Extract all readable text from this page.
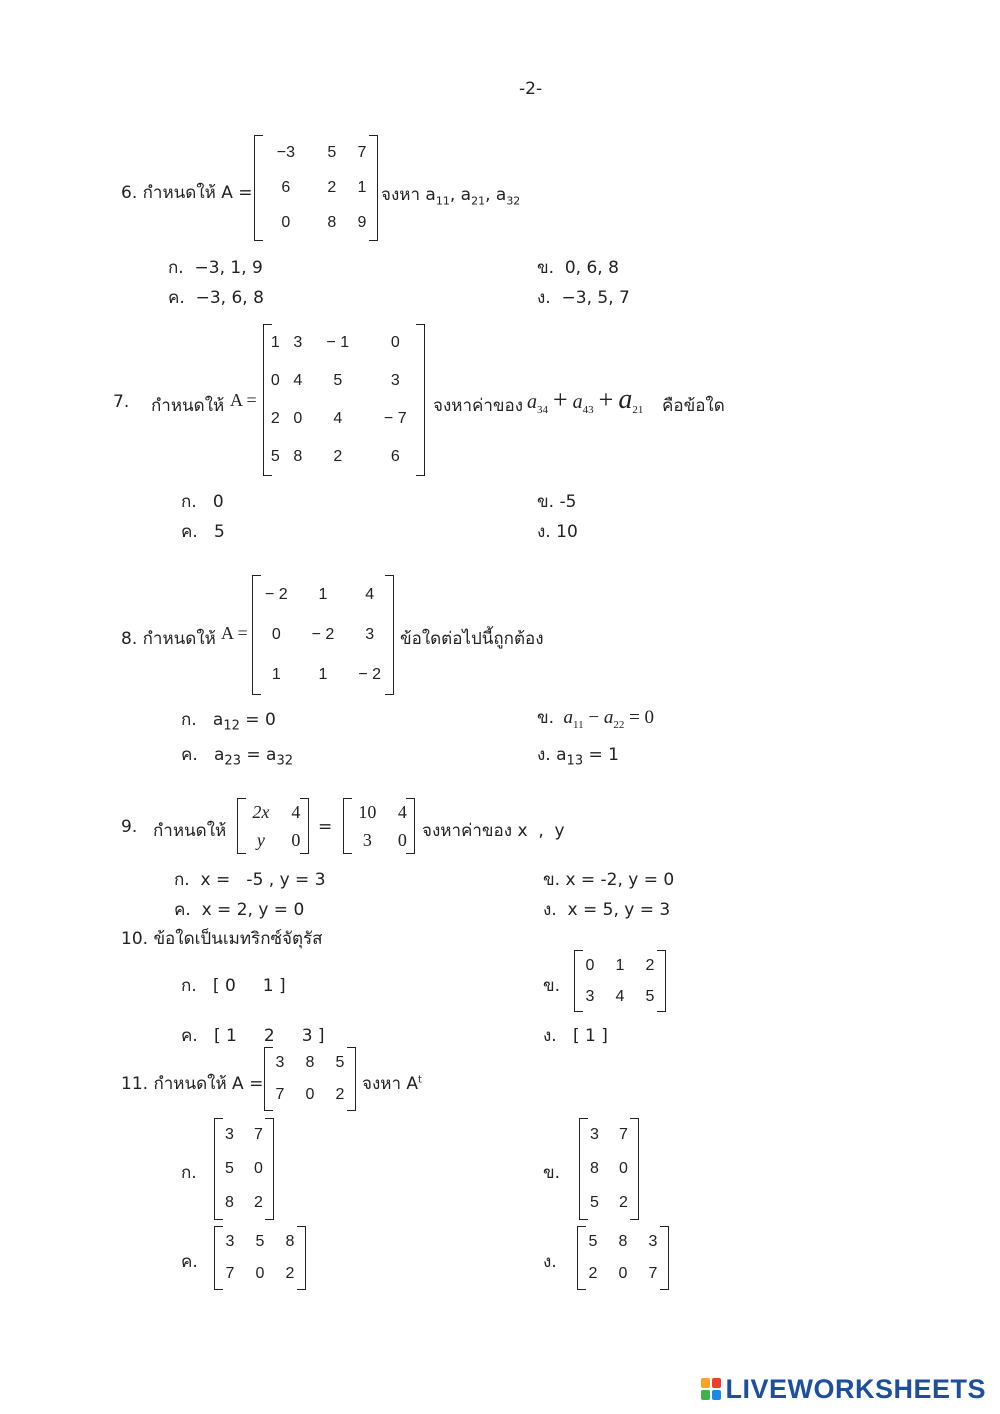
-2-
6. กำหนดให้ A =
−3	5	7
6	2	1
0	8	9
จงหา $a_{11}$, $a_{21}$, $a_{32}$
ก. −3, 1, 9	ข. 0, 6, 8
ค. −3, 6, 8	ง. −3, 5, 7
7. กำหนดให้ A =
1	3	− 1	0
0	4	5	3
2	0	4	− 7
5	8	2	6
จงหาค่าของ $a_{34} + a_{43} + a_{21}$ คือข้อใด
ก. 0	ข. -5
ค. 5	ง. 10
8. กำหนดให้ A =
− 2	1	4
0	− 2	3
1	1	− 2
ข้อใดต่อไปนี้ถูกต้อง
ก. $a_{12} = 0$	ข. $a_{11} - a_{22} = 0$
ค. $a_{23} = a_{32}$	ง. $a_{13} = 1$
9. กำหนดให้
2x	4
y	0
=
10	4
3	0 จงหาค่าของ x  ,  y
ก. x =   -5 , y = 3	ข. x = -2, y = 0
ค. x = 2, y = 0	ง. x = 5, y = 3
10. ข้อใดเป็นเมทริกซ์จัตุรัส
ก. [ 0     1 ]	ข.
0	1	2
3	4	5
ค. [ 1     2     3 ]	ง. [ 1 ]
11. กำหนดให้ A =
3	8	5
7	0	2
จงหา $A^t$
ก.
3	7
5	0
8	2
ข.
3	7
8	0
5	2
ค.
3	5	8
7	0	2
ง.
5	8	3
2	0	7
LIVEWORKSHEETS
